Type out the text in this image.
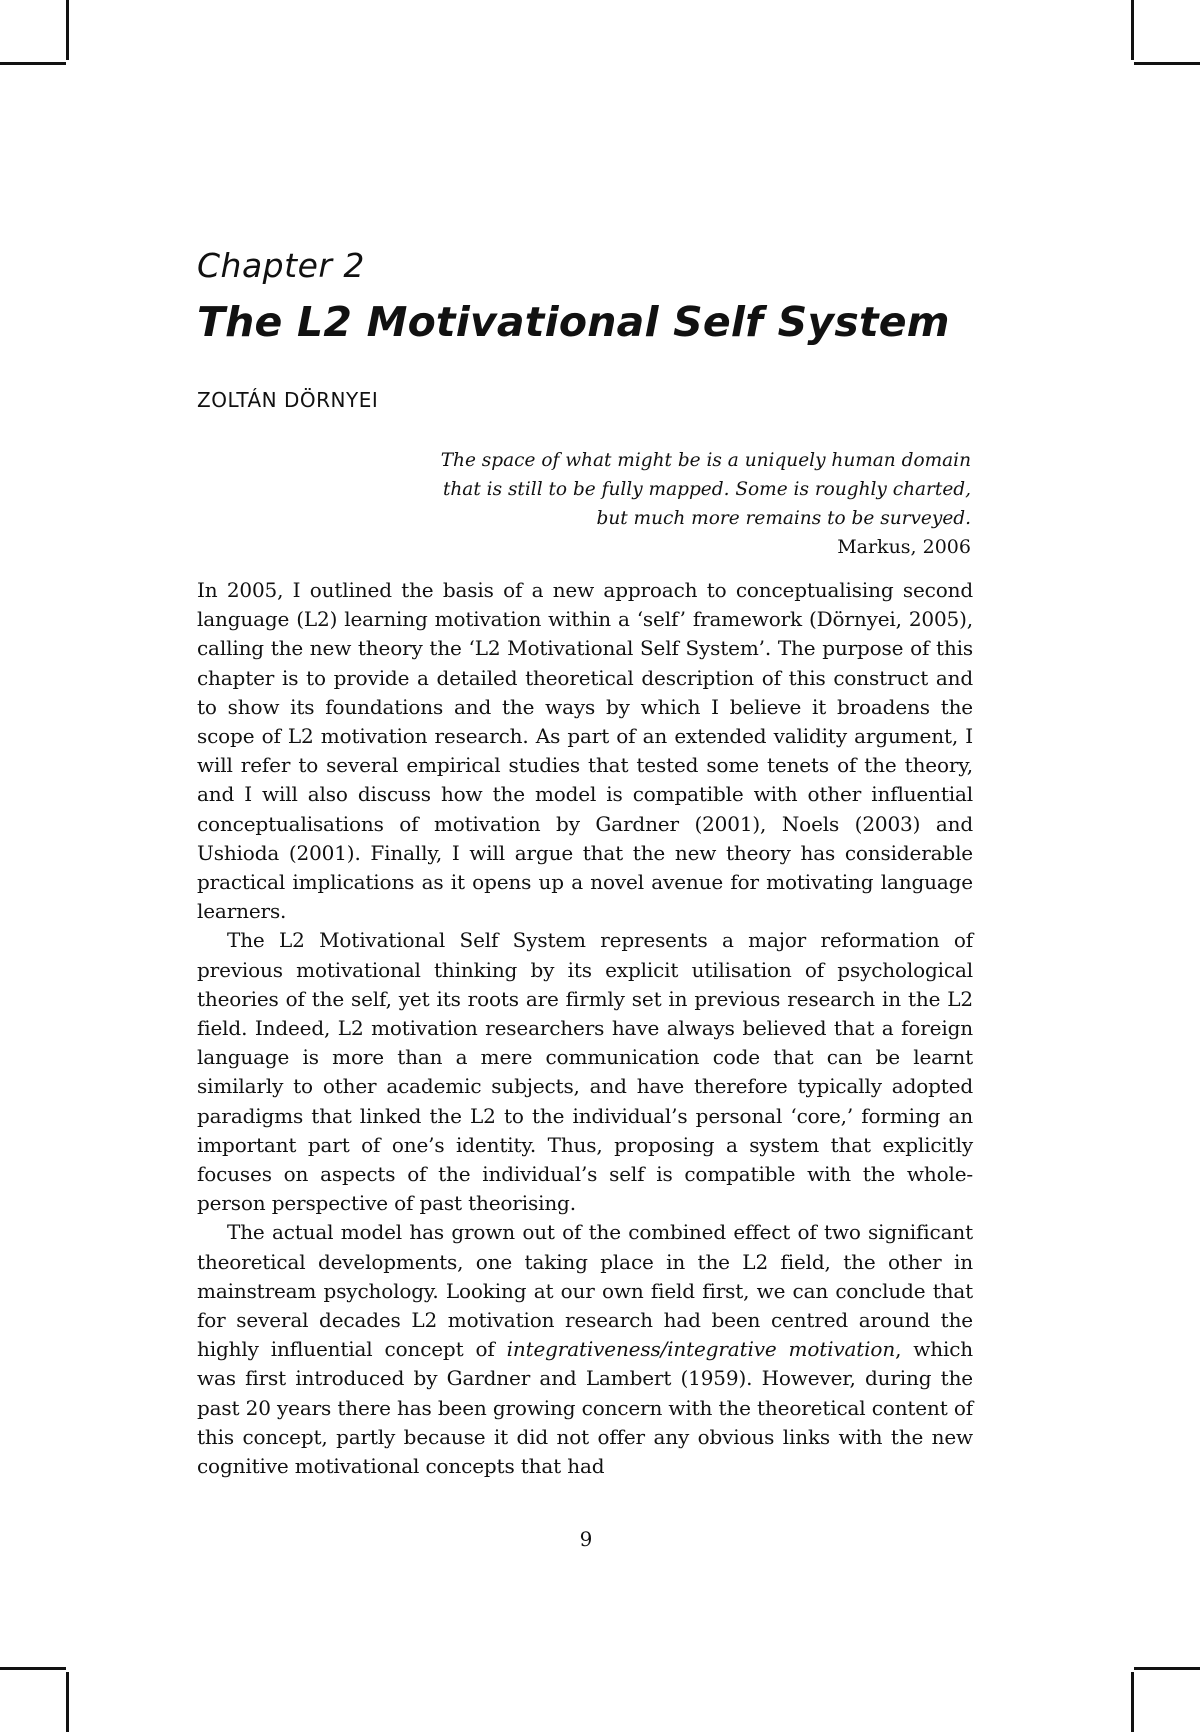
Chapter 2
The L2 Motivational Self System
ZOLTÁN DÖRNYEI
The space of what might be is a uniquely human domain
that is still to be fully mapped. Some is roughly charted,
but much more remains to be surveyed.
Markus, 2006

In 2005, I outlined the basis of a new approach to conceptualising second language (L2) learning motivation within a ‘self’ framework (Dörnyei, 2005), calling the new theory the ‘L2 Motivational Self System’. The purpose of this chapter is to provide a detailed theoretical description of this construct and to show its foundations and the ways by which I believe it broadens the scope of L2 motivation research. As part of an extended validity argument, I will refer to several empirical studies that tested some tenets of the theory, and I will also discuss how the model is compatible with other influential conceptualisations of motivation by Gardner (2001), Noels (2003) and Ushioda (2001). Finally, I will argue that the new theory has considerable practical implications as it opens up a novel avenue for motivating language learners.

The L2 Motivational Self System represents a major reformation of previous motivational thinking by its explicit utilisation of psychological theories of the self, yet its roots are firmly set in previous research in the L2 field. Indeed, L2 motivation researchers have always believed that a foreign language is more than a mere communication code that can be learnt similarly to other academic subjects, and have therefore typically adopted paradigms that linked the L2 to the individual’s personal ‘core,’ forming an important part of one’s identity. Thus, proposing a system that explicitly focuses on aspects of the individual’s self is compatible with the whole-person perspective of past theorising.

The actual model has grown out of the combined effect of two significant theoretical developments, one taking place in the L2 field, the other in mainstream psychology. Looking at our own field first, we can conclude that for several decades L2 motivation research had been centred around the highly influential concept of integrativeness/integrative motivation, which was first introduced by Gardner and Lambert (1959). However, during the past 20 years there has been growing concern with the theoretical content of this concept, partly because it did not offer any obvious links with the new cognitive motivational concepts that had

9
